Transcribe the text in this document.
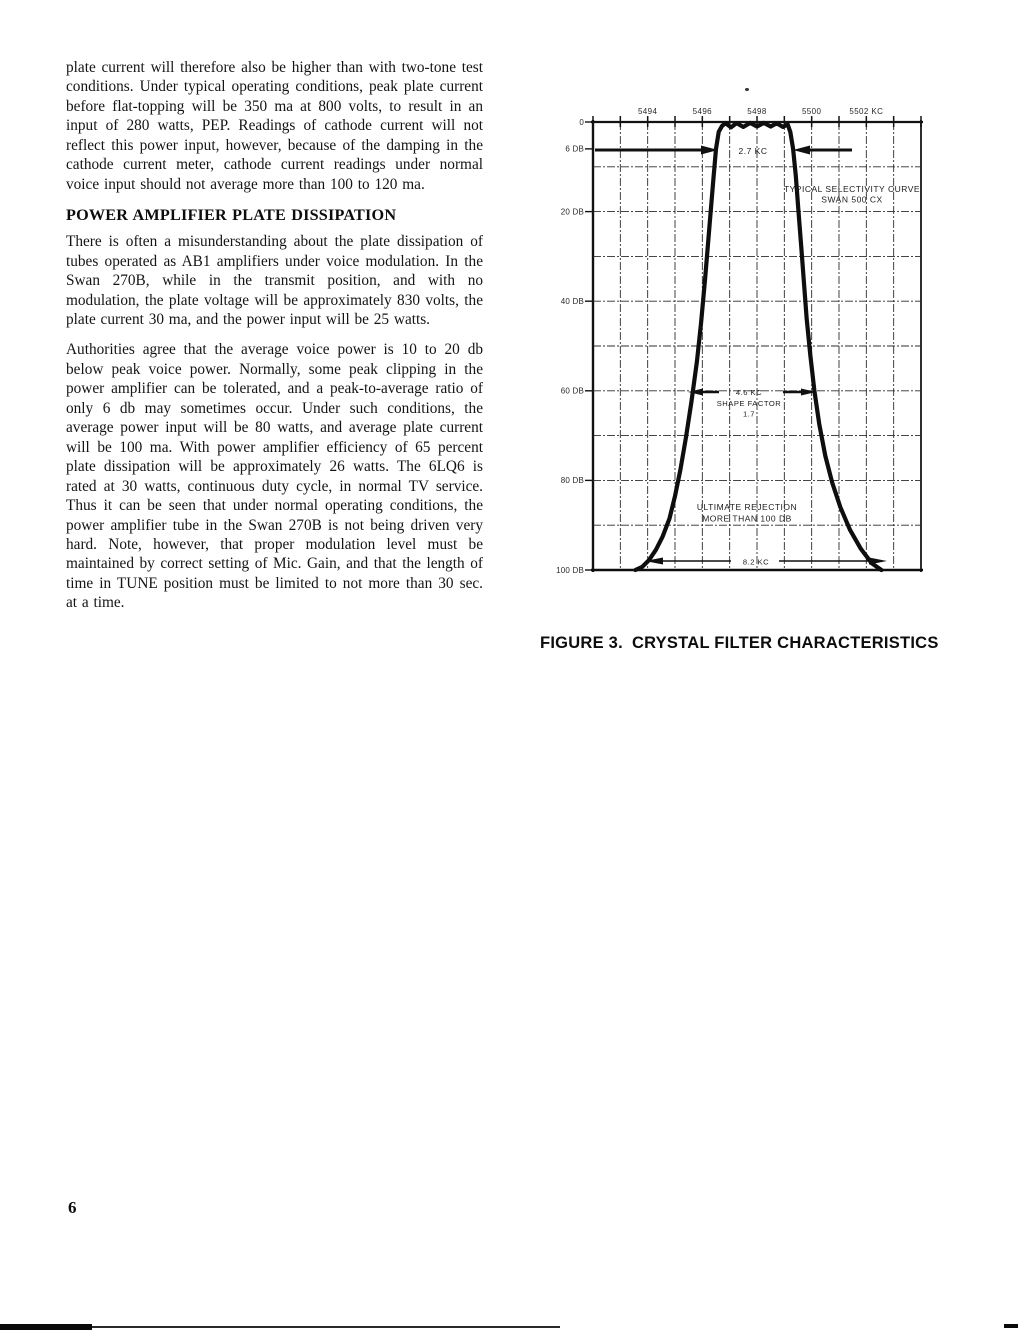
plate current will therefore also be higher than with two-tone test conditions. Under typical operating conditions, peak plate current before flat-topping will be 350 ma at 800 volts, to result in an input of 280 watts, PEP. Readings of cathode current will not reflect this power input, however, because of the damping in the cathode current meter, cathode current readings under normal voice input should not average more than 100 to 120 ma.

POWER AMPLIFIER PLATE DISSIPATION

There is often a misunderstanding about the plate dissipation of tubes operated as AB1 amplifiers under voice modulation. In the Swan 270B, while in the transmit position, and with no modulation, the plate voltage will be approximately 830 volts, the plate current 30 ma, and the power input will be 25 watts.

Authorities agree that the average voice power is 10 to 20 db below peak voice power. Normally, some peak clipping in the power amplifier can be tolerated, and a peak-to-average ratio of only 6 db may sometimes occur. Under such conditions, the average power input will be 80 watts, and average plate current will be 100 ma. With power amplifier efficiency of 65 percent plate dissipation will be approximately 26 watts. The 6LQ6 is rated at 30 watts, continuous duty cycle, in normal TV service. Thus it can be seen that under normal operating conditions, the power amplifier tube in the Swan 270B is not being driven very hard. Note, however, that proper modulation level must be maintained by correct setting of Mic. Gain, and that the length of time in TUNE position must be limited to not more than 30 sec. at a time.

5494	5496	5498	5500	5502 KC
0
6 DB
20 DB
40 DB
60 DB
80 DB
100 DB
2.7 KC
TYPICAL SELECTIVITY CURVE
SWAN 500 CX
4.6 KC
SHAPE FACTOR
1.7
ULTIMATE REJECTION
MORE THAN 100 DB
8.2 KC
FIGURE 3. CRYSTAL FILTER CHARACTERISTICS
6
